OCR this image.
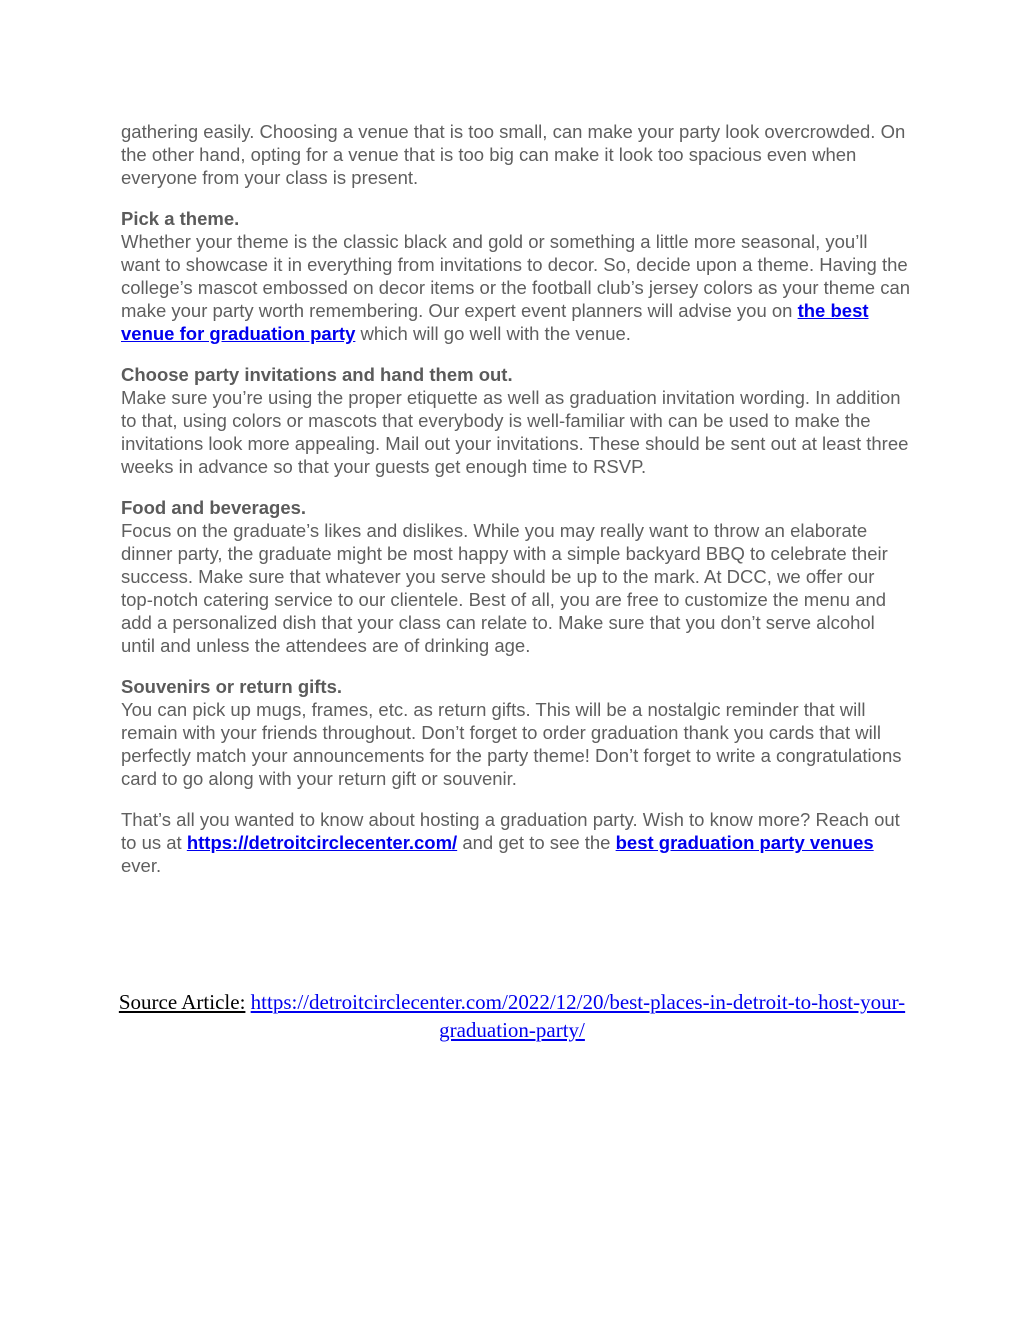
gathering easily. Choosing a venue that is too small, can make your party look overcrowded. On the other hand, opting for a venue that is too big can make it look too spacious even when everyone from your class is present.

Pick a theme.
Whether your theme is the classic black and gold or something a little more seasonal, you’ll want to showcase it in everything from invitations to decor. So, decide upon a theme. Having the college’s mascot embossed on decor items or the football club’s jersey colors as your theme can make your party worth remembering. Our expert event planners will advise you on the best venue for graduation party which will go well with the venue.

Choose party invitations and hand them out.
Make sure you’re using the proper etiquette as well as graduation invitation wording. In addition to that, using colors or mascots that everybody is well-familiar with can be used to make the invitations look more appealing. Mail out your invitations. These should be sent out at least three weeks in advance so that your guests get enough time to RSVP.

Food and beverages.
Focus on the graduate’s likes and dislikes. While you may really want to throw an elaborate dinner party, the graduate might be most happy with a simple backyard BBQ to celebrate their success. Make sure that whatever you serve should be up to the mark. At DCC, we offer our top-notch catering service to our clientele. Best of all, you are free to customize the menu and add a personalized dish that your class can relate to. Make sure that you don’t serve alcohol until and unless the attendees are of drinking age.

Souvenirs or return gifts.
You can pick up mugs, frames, etc. as return gifts. This will be a nostalgic reminder that will remain with your friends throughout. Don’t forget to order graduation thank you cards that will perfectly match your announcements for the party theme! Don’t forget to write a congratulations card to go along with your return gift or souvenir.

That’s all you wanted to know about hosting a graduation party. Wish to know more? Reach out to us at https://detroitcirclecenter.com/ and get to see the best graduation party venues ever.

Source Article: https://detroitcirclecenter.com/2022/12/20/best-places-in-detroit-to-host-your-graduation-party/
